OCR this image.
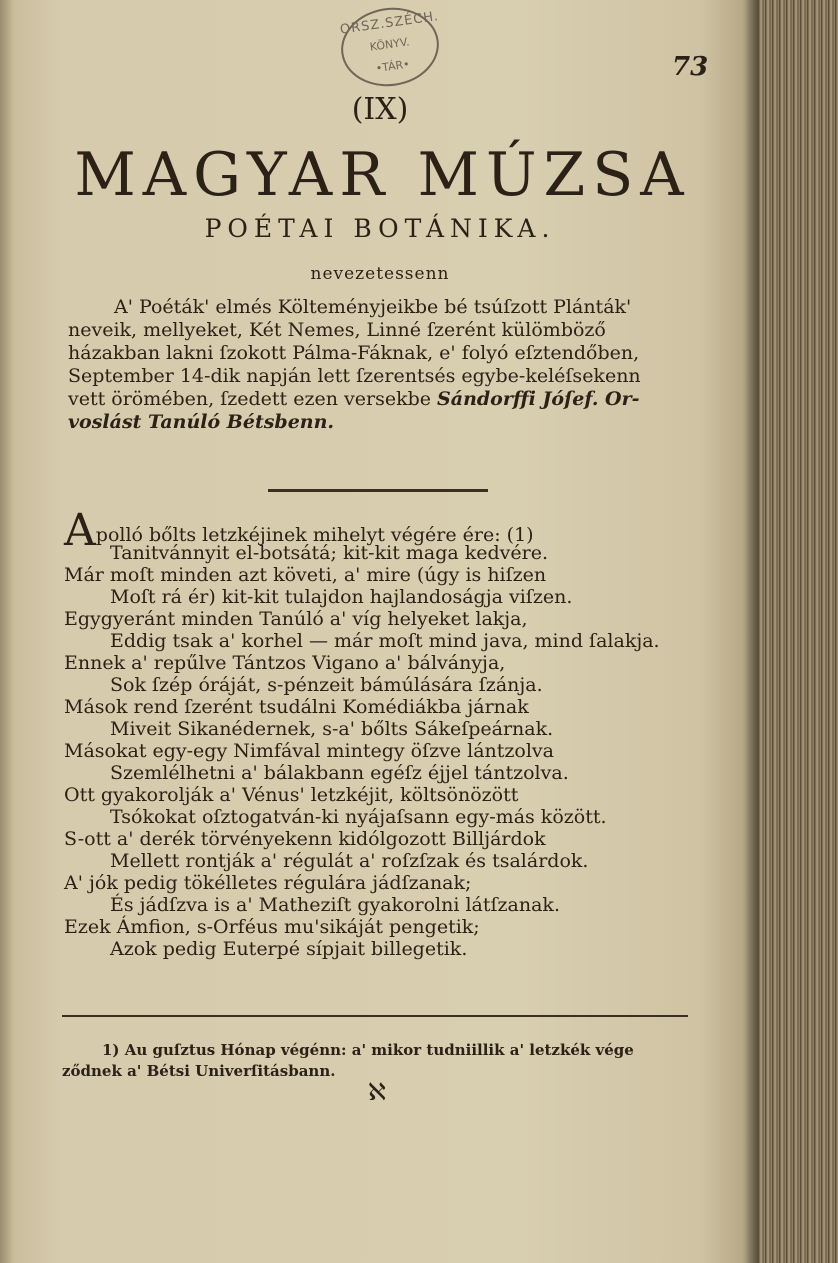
ORSZ.SZÉCH.
KÖNYV.
•TÁR•	73
(IX)
MAGYAR MÚZSA
POÉTAI BOTÁNIKA.
nevezetessenn
A' Poéták' elmés Költeményjeikbe bé tsúſzott Plánták'
neveik, mellyeket, Két Nemes, Linné ſzerént külömböző
házakban lakni ſzokott Pálma-Fáknak, e' folyó eſztendőben,
September 14-dik napján lett ſzerentsés egybe-keléſsekenn
vett örömében, ſzedett ezen versekbe Sándorffi Jóſef. Or-
voslást Tanúló Bétsbenn.
Apolló bőlts letzkéjinek mihelyt végére ére: (1)
Tanitvánnyit el-botsátá; kit-kit maga kedvére.
Már moſt minden azt követi, a' mire (úgy is hiſzen
Moſt rá ér) kit-kit tulajdon hajlandoságja viſzen.
Egygyeránt minden Tanúló a' víg helyeket lakja,
Eddig tsak a' korhel — már moſt mind java, mind ſalakja.
Ennek a' repűlve Tántzos Vigano a' bálványja,
Sok ſzép óráját, s-pénzeit bámúlására ſzánja.
Mások rend ſzerént tsudálni Komédiákba járnak
Miveit Sikanédernek, s-a' bőlts Sákeſpeárnak.
Másokat egy-egy Nimfával mintegy öſzve lántzolva
Szemlélhetni a' bálakbann egéſz éjjel tántzolva.
Ott gyakorolják a' Vénus' letzkéjit, költsönözött
Tsókokat oſztogatván-ki nyájaſsann egy-más között.
S-ott a' derék törvényekenn kidólgozott Billjárdok
Mellett rontják a' régulát a' roſzſzak és tsalárdok.
A' jók pedig tökélletes régulára jádſzanak;
És jádſzva is a' Matheziſt gyakorolni látſzanak.
Ezek Ámfion, s-Orféus mu'sikáját pengetik;
Azok pedig Euterpé sípjait billegetik.
1) Au guſztus Hónap végénn: a' mikor tudniillik a' letzkék vége
ződnek a' Bétsi Univerſitásbann.
ℵ
